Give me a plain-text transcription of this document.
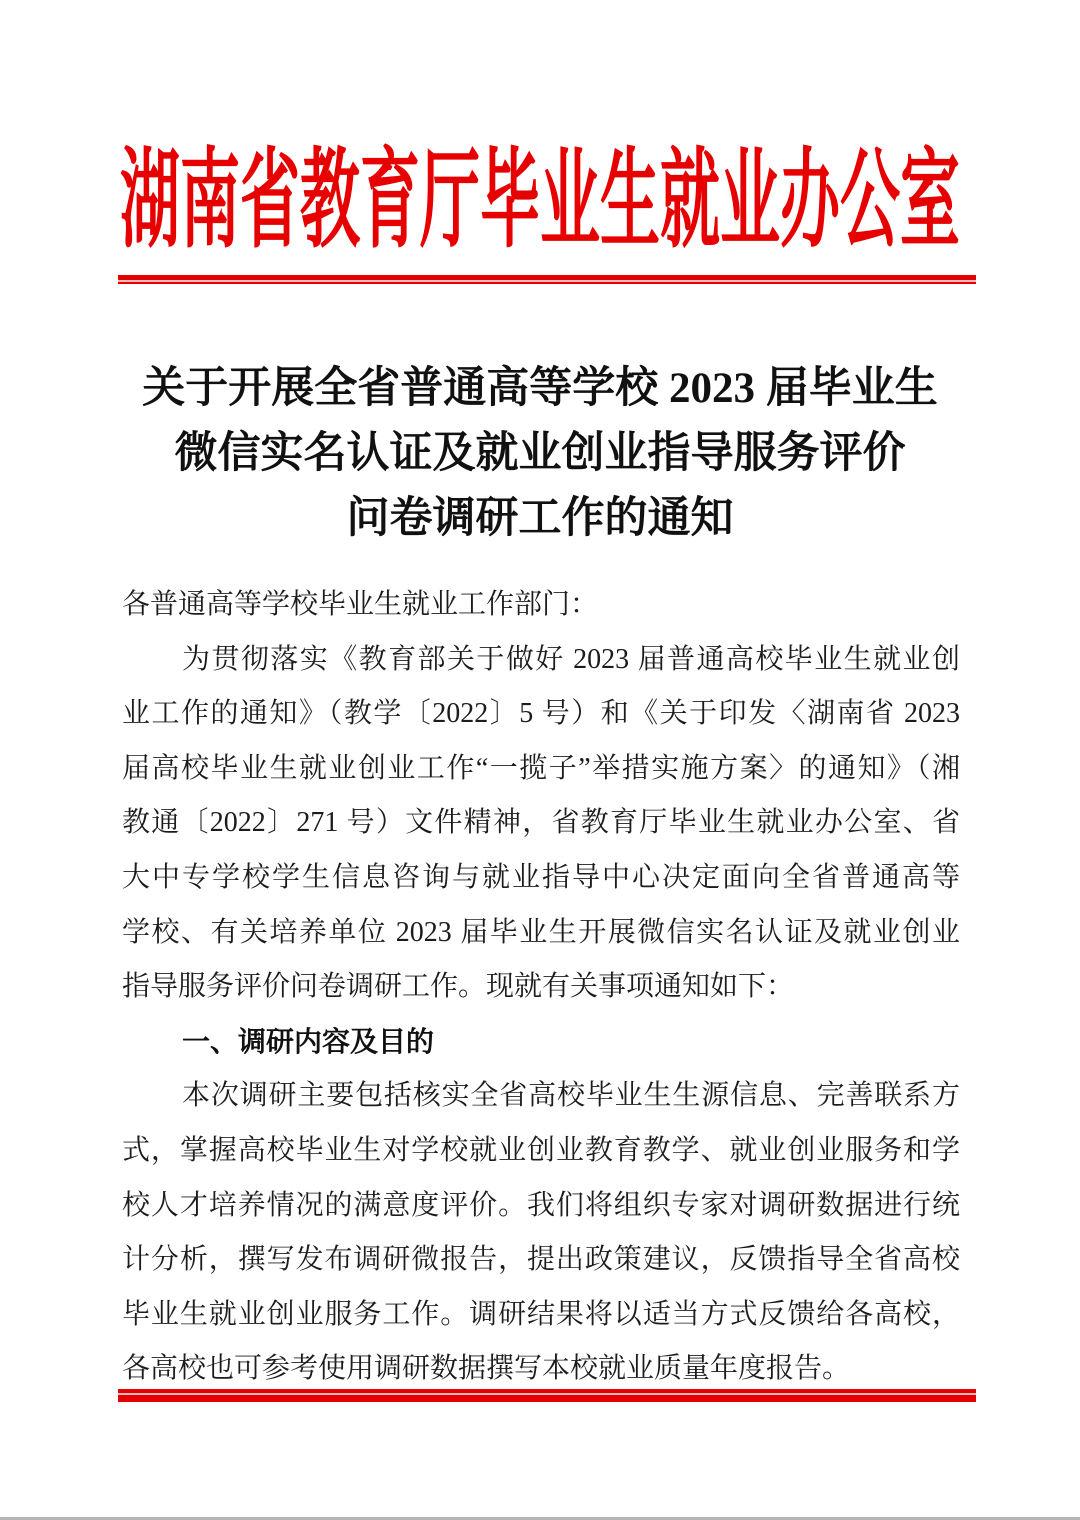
湖南省教育厅毕业生就业办公室
关于开展全省普通高等学校 2023 届毕业生
微信实名认证及就业创业指导服务评价
问卷调研工作的通知
各普通高等学校毕业生就业工作部门：
为贯彻落实《教育部关于做好 2023 届普通高校毕业生就业创
业工作的通知》（教学〔2022〕5 号）和《关于印发〈湖南省 2023
届高校毕业生就业创业工作“一揽子”举措实施方案〉的通知》（湘
教通〔2022〕271 号）文件精神，省教育厅毕业生就业办公室、省
大中专学校学生信息咨询与就业指导中心决定面向全省普通高等
学校、有关培养单位 2023 届毕业生开展微信实名认证及就业创业
指导服务评价问卷调研工作。现就有关事项通知如下：
一、调研内容及目的
本次调研主要包括核实全省高校毕业生生源信息、完善联系方
式，掌握高校毕业生对学校就业创业教育教学、就业创业服务和学
校人才培养情况的满意度评价。我们将组织专家对调研数据进行统
计分析，撰写发布调研微报告，提出政策建议，反馈指导全省高校
毕业生就业创业服务工作。调研结果将以适当方式反馈给各高校，
各高校也可参考使用调研数据撰写本校就业质量年度报告。
